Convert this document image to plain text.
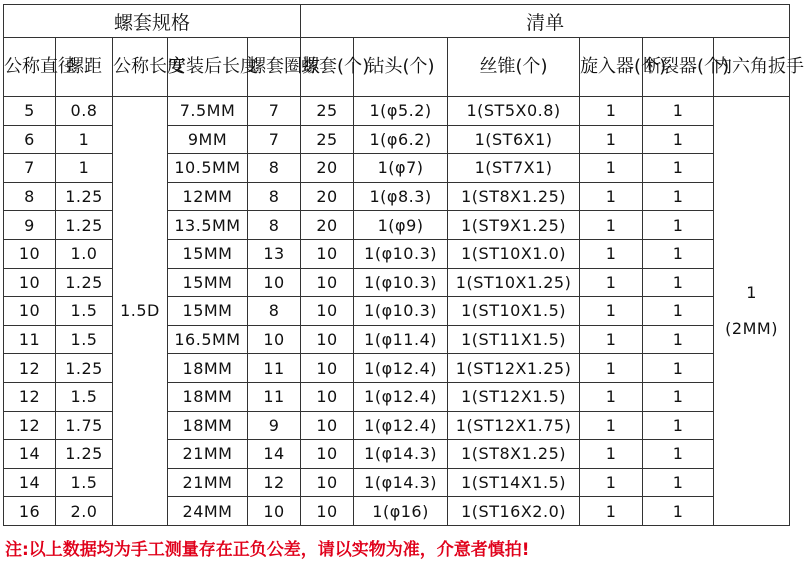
螺套规格					清单					
公称直径	螺距	公称长度	安装后长度	螺套圈数	螺套(个)	钻头(个)	丝锥(个)	旋入器(个)	断裂器(个)	内六角扳手
5	0.8	1.5D	7.5MM	7	25	1(φ5.2)	1(ST5X0.8)	1	1	1
(2MM)

6	1		9MM	7	25	1(φ6.2)	1(ST6X1)	1	1	
7	1		10.5MM	8	20	1(φ7)	1(ST7X1)	1	1	
8	1.25		12MM	8	20	1(φ8.3)	1(ST8X1.25)	1	1	
9	1.25		13.5MM	8	20	1(φ9)	1(ST9X1.25)	1	1	
10	1.0		15MM	13	10	1(φ10.3)	1(ST10X1.0)	1	1	
10	1.25		15MM	10	10	1(φ10.3)	1(ST10X1.25)	1	1	
10	1.5		15MM	8	10	1(φ10.3)	1(ST10X1.5)	1	1	
11	1.5		16.5MM	10	10	1(φ11.4)	1(ST11X1.5)	1	1	
12	1.25		18MM	11	10	1(φ12.4)	1(ST12X1.25)	1	1	
12	1.5		18MM	11	10	1(φ12.4)	1(ST12X1.5)	1	1	
12	1.75		18MM	9	10	1(φ12.4)	1(ST12X1.75)	1	1	
14	1.25		21MM	14	10	1(φ14.3)	1(ST8X1.25)	1	1	
14	1.5		21MM	12	10	1(φ14.3)	1(ST14X1.5)	1	1	
16	2.0		24MM	10	10	1(φ16)	1(ST16X2.0)	1	1	
注:以上数据均为手工测量存在正负公差，请以实物为准，介意者慎拍!
